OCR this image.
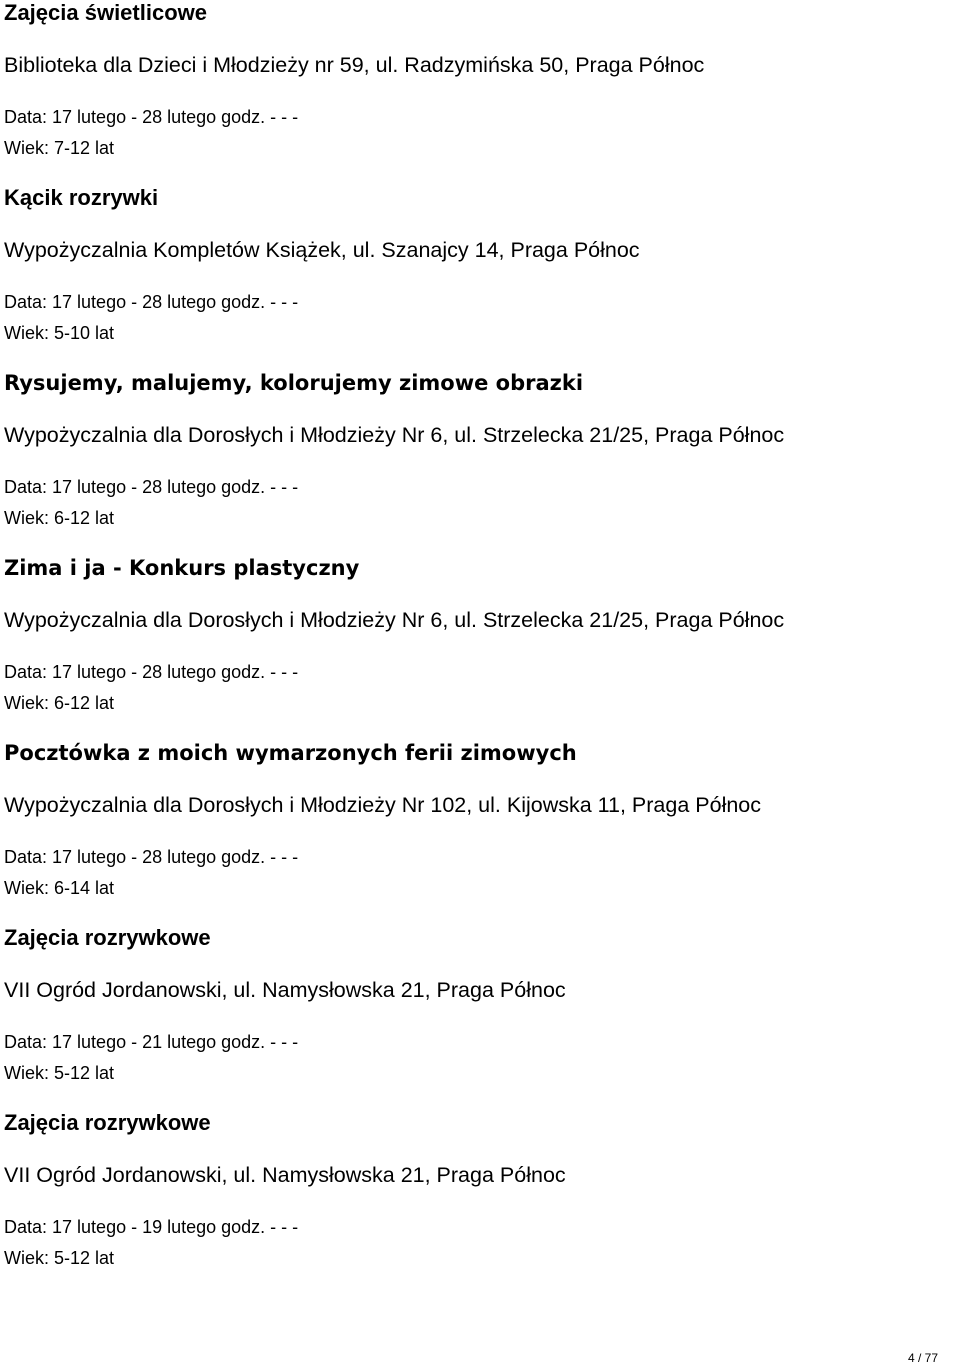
Zajęcia świetlicowe
Biblioteka dla Dzieci i Młodzieży nr 59, ul. Radzymińska 50, Praga Północ
Data: 17 lutego - 28 lutego godz. - - -
Wiek: 7-12 lat
Kącik rozrywki
Wypożyczalnia Kompletów Książek, ul. Szanajcy 14, Praga Północ
Data: 17 lutego - 28 lutego godz. - - -
Wiek: 5-10 lat
Rysujemy, malujemy, kolorujemy zimowe obrazki
Wypożyczalnia dla Dorosłych i Młodzieży Nr 6, ul. Strzelecka 21/25, Praga Północ
Data: 17 lutego - 28 lutego godz. - - -
Wiek: 6-12 lat
Zima i ja - Konkurs plastyczny
Wypożyczalnia dla Dorosłych i Młodzieży Nr 6, ul. Strzelecka 21/25, Praga Północ
Data: 17 lutego - 28 lutego godz. - - -
Wiek: 6-12 lat
Pocztówka z moich wymarzonych ferii zimowych
Wypożyczalnia dla Dorosłych i Młodzieży Nr 102, ul. Kijowska 11, Praga Północ
Data: 17 lutego - 28 lutego godz. - - -
Wiek: 6-14 lat
Zajęcia rozrywkowe
VII Ogród Jordanowski, ul. Namysłowska 21, Praga Północ
Data: 17 lutego - 21 lutego godz. - - -
Wiek: 5-12 lat
Zajęcia rozrywkowe
VII Ogród Jordanowski, ul. Namysłowska 21, Praga Północ
Data: 17 lutego - 19 lutego godz. - - -
Wiek: 5-12 lat
4 / 77
